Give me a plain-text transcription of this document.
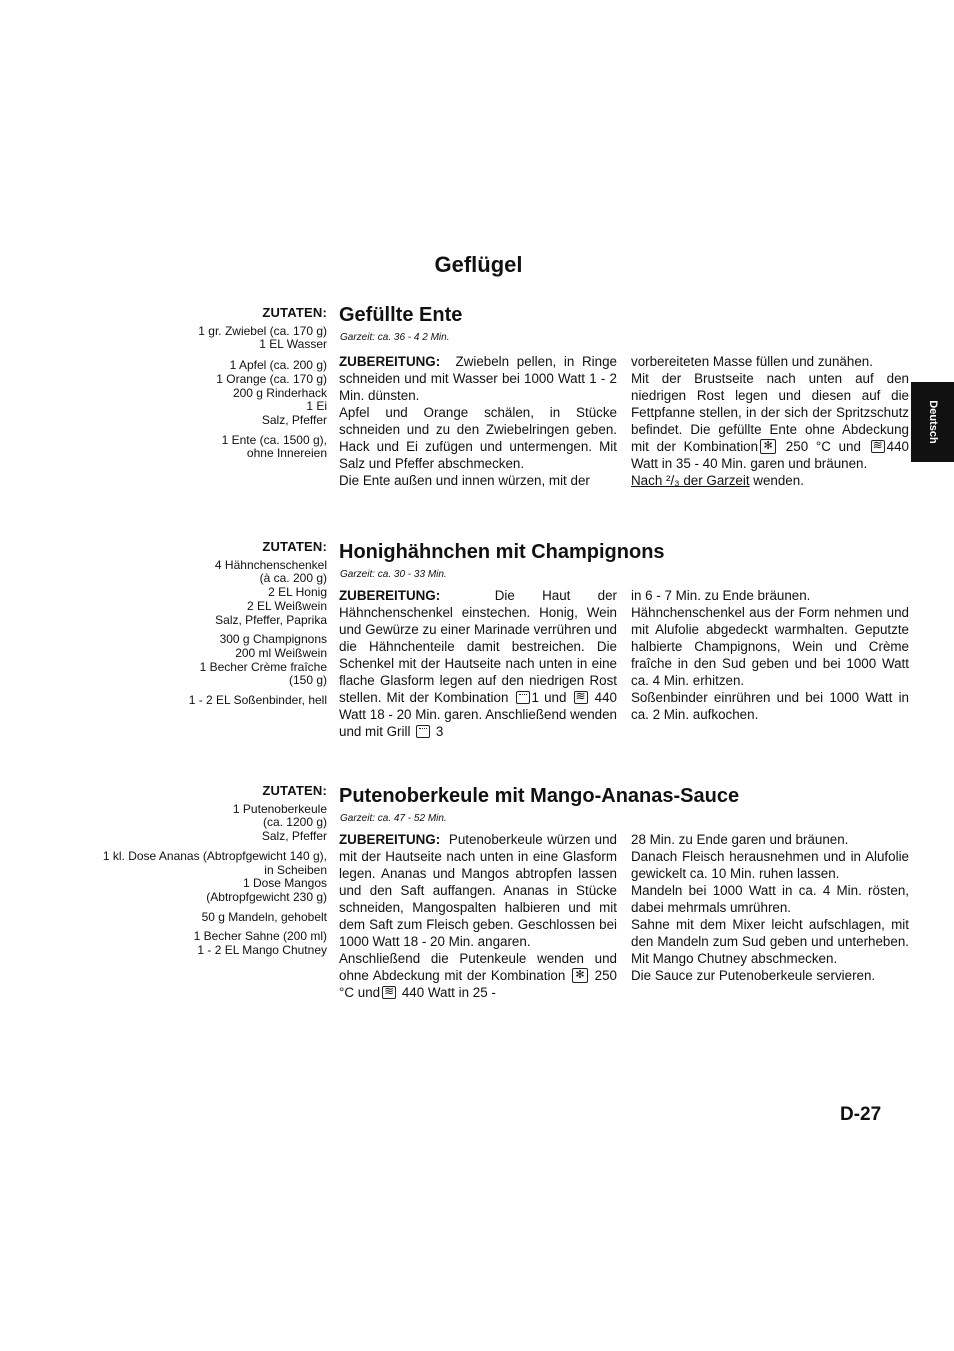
Geflügel
Deutsch
ZUTATEN:
1 gr. Zwiebel (ca. 170 g)
1 EL Wasser
1 Apfel (ca. 200 g)
1 Orange (ca. 170 g)
200 g Rinderhack
1 Ei
Salz, Pfeffer
1 Ente (ca. 1500 g),
ohne Innereien
Gefüllte Ente
Garzeit: ca. 36 - 4 2 Min.

ZUBEREITUNG: Zwiebeln pellen, in Ringe schneiden und mit Wasser bei 1000 Watt 1 - 2 Min. dünsten.

Apfel und Orange schälen, in Stücke schneiden und zu den Zwiebelringen geben. Hack und Ei zufügen und untermengen. Mit Salz und Pfeffer abschmecken.

Die Ente außen und innen würzen, mit der

vorbereiteten Masse füllen und zunähen.

Mit der Brustseite nach unten auf den niedrigen Rost legen und diesen auf die Fettpfanne stellen, in der sich der Spritzschutz befindet. Die gefüllte Ente ohne Abdeckung mit der Kombination✻ 250 °C und ≋440 Watt in 35 - 40 Min. garen und bräunen.

Nach ²/₃ der Garzeit wenden.

ZUTATEN:
4 Hähnchenschenkel
(à ca. 200 g)
2 EL Honig
2 EL Weißwein
Salz, Pfeffer, Paprika
300 g Champignons
200 ml Weißwein
1 Becher Crème fraîche
(150 g)
1 - 2 EL Soßenbinder, hell
Honighähnchen mit Champignons
Garzeit: ca. 30 - 33 Min.

ZUBEREITUNG:	Die Haut der Hähnchenschenkel einstechen. Honig, Wein und Gewürze zu einer Marinade verrühren und die Hähnchenteile damit bestreichen. Die Schenkel mit der Hautseite nach unten in eine flache Glasform legen auf den niedrigen Rost stellen. Mit der Kombination 1 und ≋ 440 Watt 18 - 20 Min. garen. Anschließend wenden und mit Grill  3

in 6 - 7 Min. zu Ende bräunen.

Hähnchenschenkel aus der Form nehmen und mit Alufolie abgedeckt warmhalten. Geputzte halbierte Champignons, Wein und Crème fraîche in den Sud geben und bei 1000 Watt ca. 4 Min. erhitzen.

Soßenbinder einrühren und bei 1000 Watt in ca. 2 Min. aufkochen.

ZUTATEN:
1 Putenoberkeule
(ca. 1200 g)
Salz, Pfeffer
1 kl. Dose Ananas (Abtropfgewicht 140 g),
in Scheiben
1 Dose Mangos
(Abtropfgewicht 230 g)
50 g Mandeln, gehobelt
1 Becher Sahne (200 ml)
1 - 2 EL Mango Chutney
Putenoberkeule mit Mango-Ananas-Sauce
Garzeit: ca. 47 - 52 Min.

ZUBEREITUNG: Putenoberkeule würzen und mit der Hautseite nach unten in eine Glasform legen. Ananas und Mangos abtropfen lassen und den Saft auffangen. Ananas in Stücke schneiden, Mangospalten halbieren und mit dem Saft zum Fleisch geben. Geschlossen bei 1000 Watt 18 - 20 Min. angaren.

Anschließend die Putenkeule wenden und ohne Abdeckung mit der Kombination ✻ 250 °C und≋ 440 Watt in 25 -

28 Min. zu Ende garen und bräunen.

Danach Fleisch herausnehmen und in Alufolie gewickelt ca. 10 Min. ruhen lassen.

Mandeln bei 1000 Watt in ca. 4 Min. rösten, dabei mehrmals umrühren.

Sahne mit dem Mixer leicht aufschlagen, mit den Mandeln zum Sud geben und unterheben. Mit Mango Chutney abschmecken.

Die Sauce zur Putenoberkeule servieren.

D-27
